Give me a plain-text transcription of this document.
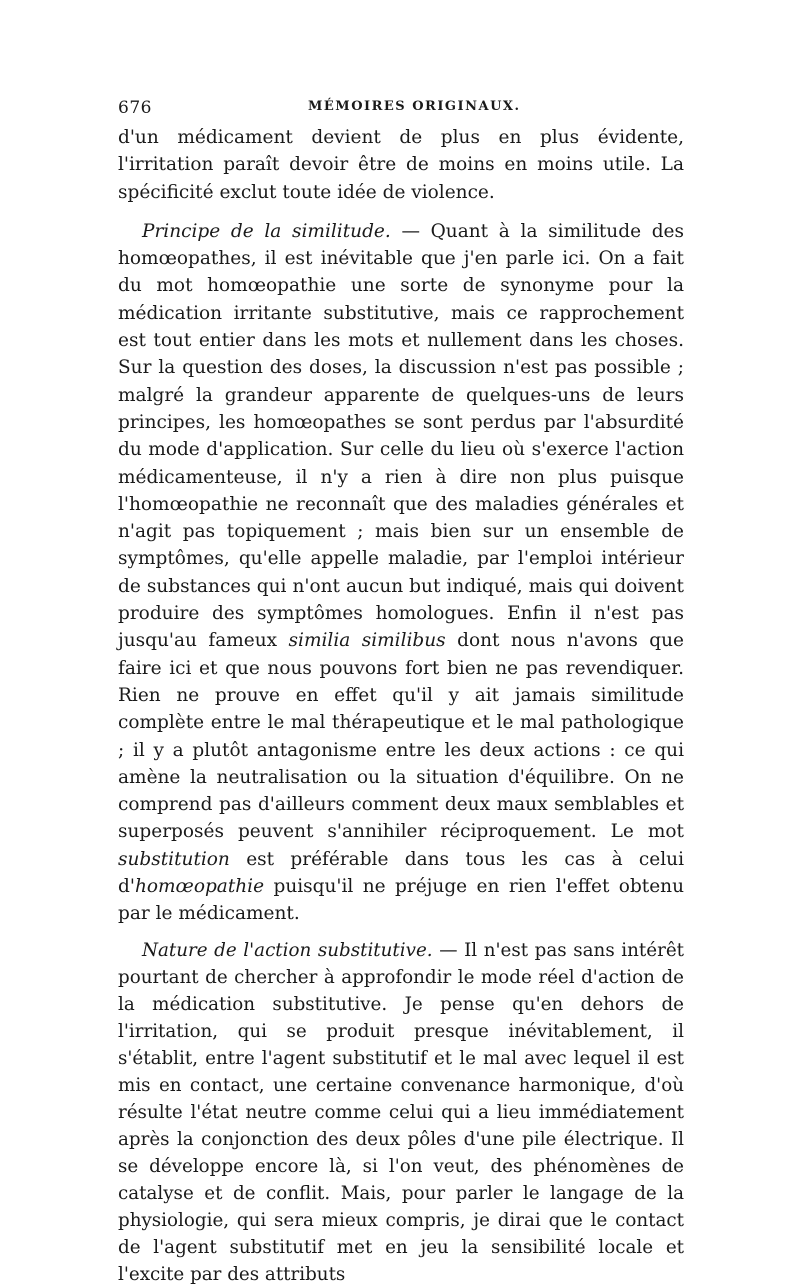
676	MÉMOIRES ORIGINAUX.

d'un médicament devient de plus en plus évidente, l'irritation paraît devoir être de moins en moins utile. La spécificité exclut toute idée de violence.

Principe de la similitude. — Quant à la similitude des homœopathes, il est inévitable que j'en parle ici. On a fait du mot homœopathie une sorte de synonyme pour la médication irritante substitutive, mais ce rapprochement est tout entier dans les mots et nullement dans les choses. Sur la question des doses, la discussion n'est pas possible ; malgré la grandeur apparente de quelques-uns de leurs principes, les homœopathes se sont perdus par l'absurdité du mode d'application. Sur celle du lieu où s'exerce l'action médicamenteuse, il n'y a rien à dire non plus puisque l'homœopathie ne reconnaît que des maladies générales et n'agit pas topiquement ; mais bien sur un ensemble de symptômes, qu'elle appelle maladie, par l'emploi intérieur de substances qui n'ont aucun but indiqué, mais qui doivent produire des symptômes homologues. Enfin il n'est pas jusqu'au fameux similia similibus dont nous n'avons que faire ici et que nous pouvons fort bien ne pas revendiquer. Rien ne prouve en effet qu'il y ait jamais similitude complète entre le mal thérapeutique et le mal pathologique ; il y a plutôt antagonisme entre les deux actions : ce qui amène la neutralisation ou la situation d'équilibre. On ne comprend pas d'ailleurs comment deux maux semblables et superposés peuvent s'annihiler réciproquement. Le mot substitution est préférable dans tous les cas à celui d'homœopathie puisqu'il ne préjuge en rien l'effet obtenu par le médicament.

Nature de l'action substitutive. — Il n'est pas sans intérêt pourtant de chercher à approfondir le mode réel d'action de la médication substitutive. Je pense qu'en dehors de l'irritation, qui se produit presque inévitablement, il s'établit, entre l'agent substitutif et le mal avec lequel il est mis en contact, une certaine convenance harmonique, d'où résulte l'état neutre comme celui qui a lieu immédiatement après la conjonction des deux pôles d'une pile électrique. Il se développe encore là, si l'on veut, des phénomènes de catalyse et de conflit. Mais, pour parler le langage de la physiologie, qui sera mieux compris, je dirai que le contact de l'agent substitutif met en jeu la sensibilité locale et l'excite par des attributs
